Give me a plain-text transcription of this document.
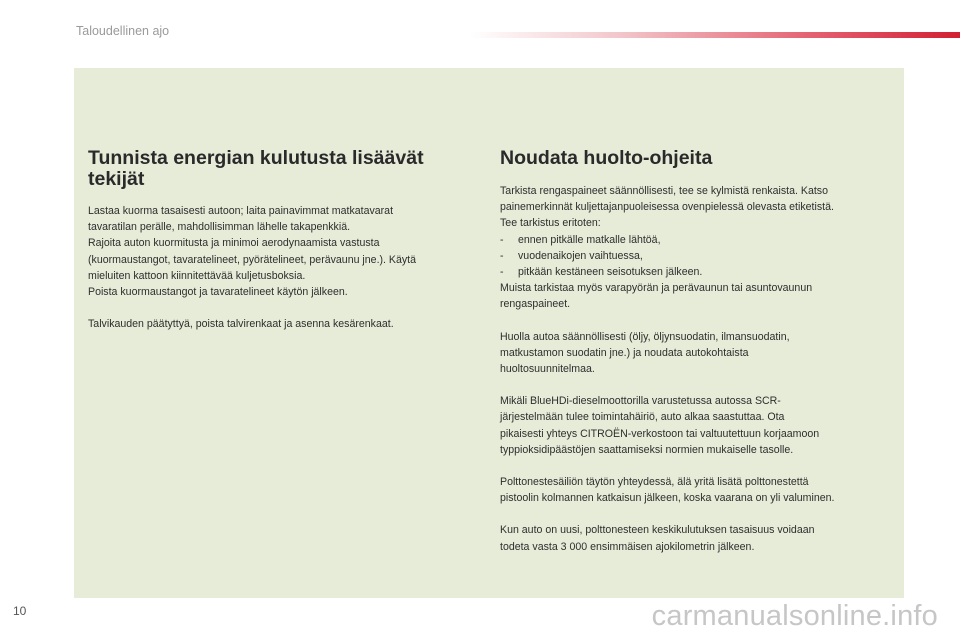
Taloudellinen ajo
Tunnista energian kulutusta lisäävät
tekijät

Lastaa kuorma tasaisesti autoon; laita painavimmat matkatavarat
tavaratilan perälle, mahdollisimman lähelle takapenkkiä.
Rajoita auton kuormitusta ja minimoi aerodynaamista vastusta
(kuormaustangot, tavaratelineet, pyörätelineet, perävaunu jne.). Käytä
mieluiten kattoon kiinnitettävää kuljetusboksia.
Poista kuormaustangot ja tavaratelineet käytön jälkeen.

Talvikauden päätyttyä, poista talvirenkaat ja asenna kesärenkaat.

Noudata huolto-ohjeita

Tarkista rengaspaineet säännöllisesti, tee se kylmistä renkaista. Katso
painemerkinnät kuljettajanpuoleisessa ovenpielessä olevasta etiketistä.
Tee tarkistus eritoten:
- ennen pitkälle matkalle lähtöä,
- vuodenaikojen vaihtuessa,
- pitkään kestäneen seisotuksen jälkeen.
Muista tarkistaa myös varapyörän ja perävaunun tai asuntovaunun
rengaspaineet.

Huolla autoa säännöllisesti (öljy, öljynsuodatin, ilmansuodatin,
matkustamon suodatin jne.) ja noudata autokohtaista
huoltosuunnitelmaa.

Mikäli BlueHDi-dieselmoottorilla varustetussa autossa SCR-
järjestelmään tulee toimintahäiriö, auto alkaa saastuttaa. Ota
pikaisesti yhteys CITROËN-verkostoon tai valtuutettuun korjaamoon
typpioksidipäästöjen saattamiseksi normien mukaiselle tasolle.

Polttonestesäiliön täytön yhteydessä, älä yritä lisätä polttonestettä
pistoolin kolmannen katkaisun jälkeen, koska vaarana on yli valuminen.

Kun auto on uusi, polttonesteen keskikulutuksen tasaisuus voidaan
todeta vasta 3 000 ensimmäisen ajokilometrin jälkeen.

10	carmanualsonline.info
